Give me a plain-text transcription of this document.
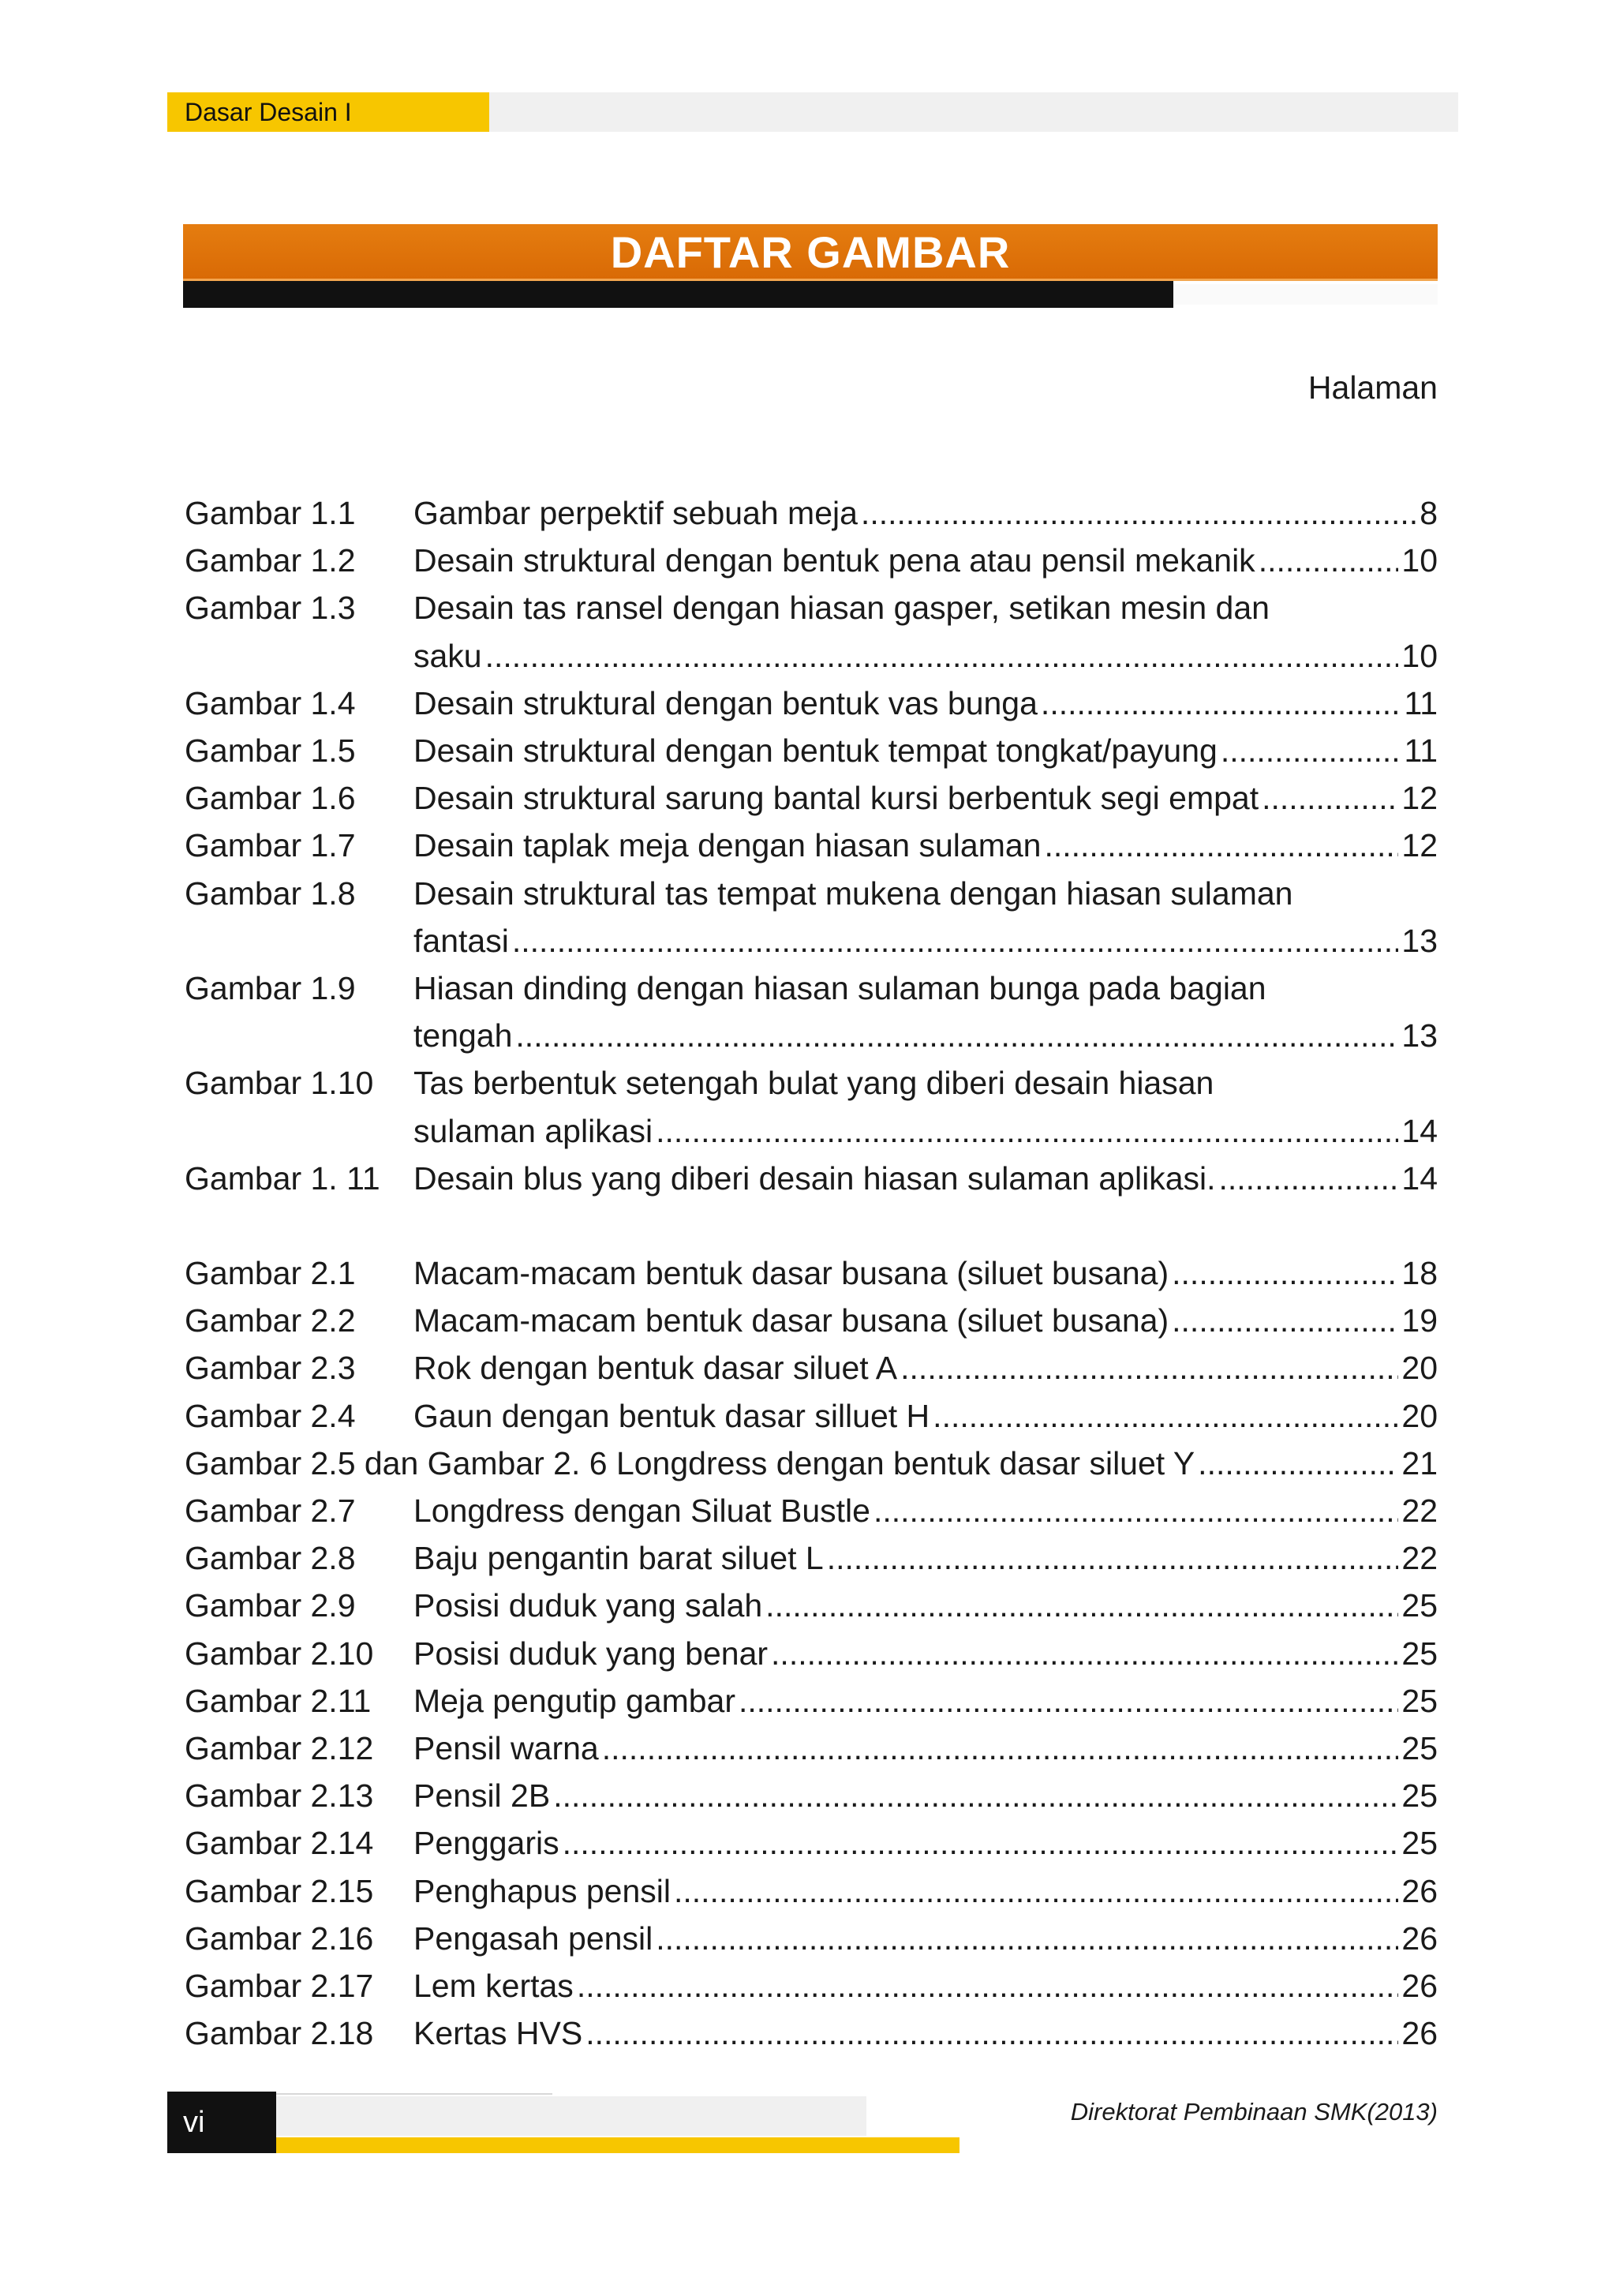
Dasar Desain I
DAFTAR GAMBAR
Halaman
Gambar 1.1	Gambar perpektif sebuah meja .....	8
Gambar 1.2	Desain struktural dengan bentuk pena atau pensil mekanik .....	10
Gambar 1.3	Desain tas ransel dengan hiasan gasper, setikan mesin dan
saku .....	10
Gambar 1.4	Desain struktural dengan bentuk vas bunga .....	11
Gambar 1.5	Desain struktural dengan bentuk tempat tongkat/payung .....	11
Gambar 1.6	Desain struktural sarung bantal kursi berbentuk segi empat .....	12
Gambar 1.7	Desain taplak meja dengan hiasan sulaman .....	12
Gambar 1.8	Desain struktural tas tempat mukena dengan hiasan sulaman
fantasi .....	13
Gambar 1.9	Hiasan dinding dengan hiasan sulaman bunga pada bagian
tengah .....	13
Gambar 1.10	Tas berbentuk setengah bulat yang diberi desain hiasan
sulaman aplikasi .....	14
Gambar 1. 11	Desain blus yang diberi desain hiasan sulaman aplikasi. .....	14
Gambar 2.1	Macam-macam bentuk dasar busana (siluet busana) .....	18
Gambar 2.2	Macam-macam bentuk dasar busana (siluet busana) .....	19
Gambar 2.3	Rok dengan bentuk dasar siluet A .....	20
Gambar 2.4	Gaun dengan bentuk dasar silluet H .....	20
Gambar 2.5 dan Gambar 2. 6 Longdress dengan bentuk dasar siluet Y .....	21
Gambar 2.7	Longdress dengan Siluat Bustle .....	22
Gambar 2.8	Baju pengantin barat siluet L .....	22
Gambar 2.9	Posisi duduk yang salah .....	25
Gambar 2.10	Posisi duduk yang benar .....	25
Gambar 2.11	Meja pengutip gambar .....	25
Gambar 2.12	Pensil warna .....	25
Gambar 2.13	Pensil 2B .....	25
Gambar 2.14	Penggaris .....	25
Gambar 2.15	Penghapus pensil .....	26
Gambar 2.16	Pengasah pensil .....	26
Gambar 2.17	Lem kertas .....	26
Gambar 2.18	Kertas HVS .....	26
vi	Direktorat Pembinaan SMK(2013)
